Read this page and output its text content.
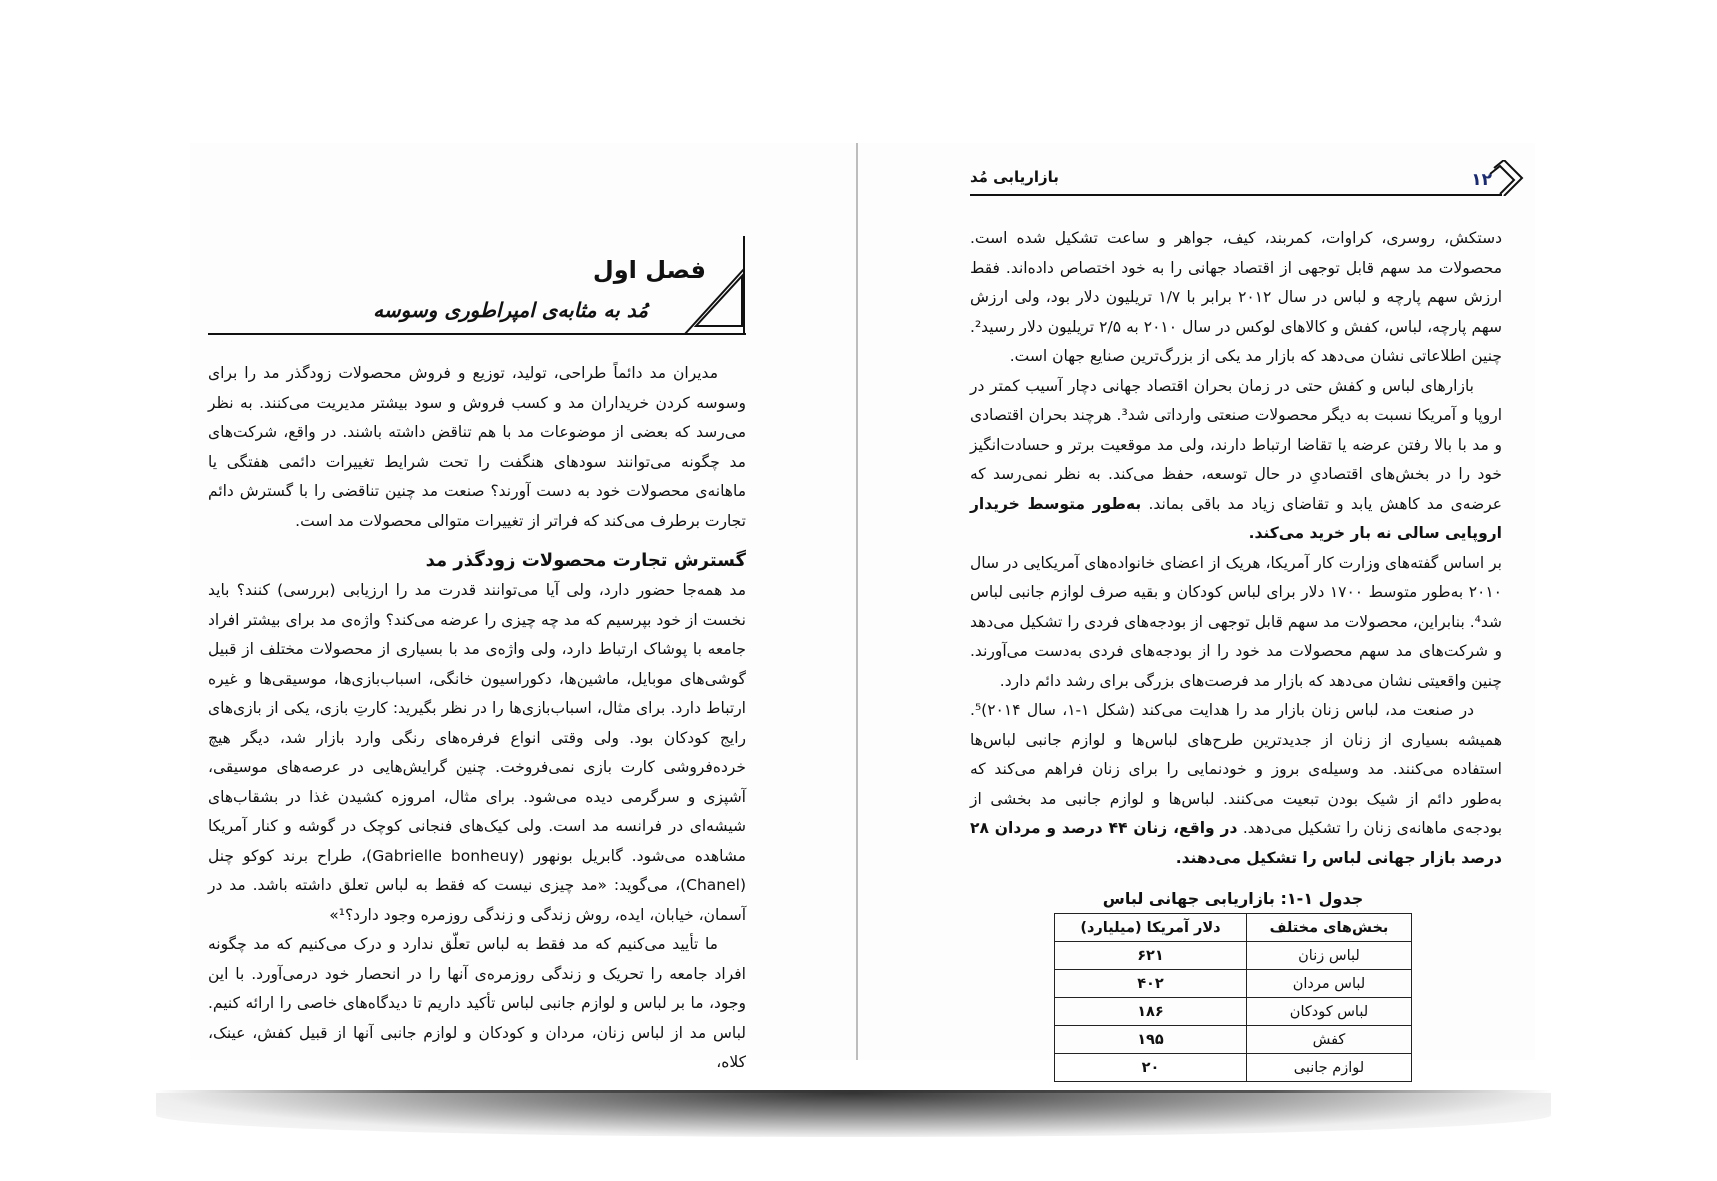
فصل اول
مُد به مثابه‌ی امپراطوری وسوسه

مدیران مد دائماً طراحی، تولید، توزیع و فروش محصولات زودگذر مد را برای وسوسه کردن خریداران مد و کسب فروش و سود بیشتر مدیریت می‌کنند. به نظر می‌رسد که بعضی از موضوعات مد با هم تناقض داشته باشند. در واقع، شرکت‌های مد چگونه می‌توانند سودهای هنگفت را تحت شرایط تغییرات دائمی هفتگی یا ماهانه‌ی محصولات خود به دست آورند؟ صنعت مد چنین تناقضی را با گسترش دائم تجارت برطرف می‌کند که فراتر از تغییرات متوالی محصولات مد است.

گسترش تجارت محصولات زودگذر مد

مد همه‌جا حضور دارد، ولی آیا می‌توانند قدرت مد را ارزیابی (بررسی) کنند؟ باید نخست از خود بپرسیم که مد چه چیزی را عرضه می‌کند؟ واژه‌ی مد برای بیشتر افراد جامعه با پوشاک ارتباط دارد، ولی واژه‌ی مد با بسیاری از محصولات مختلف از قبیل گوشی‌های موبایل، ماشین‌ها، دکوراسیون خانگی، اسباب‌بازی‌ها، موسیقی‌ها و غیره ارتباط دارد. برای مثال، اسباب‌بازی‌ها را در نظر بگیرید: کارتِ بازی، یکی از بازی‌های رایج کودکان بود. ولی وقتی انواع فرفره‌های رنگی وارد بازار شد، دیگر هیچ خرده‌فروشی کارت بازی نمی‌فروخت. چنین گرایش‌هایی در عرصه‌های موسیقی، آشپزی و سرگرمی دیده می‌شود. برای مثال، امروزه کشیدن غذا در بشقاب‌های شیشه‌ای در فرانسه مد است. ولی کیک‌های فنجانی کوچک در گوشه و کنار آمریکا مشاهده می‌شود. گابریل بونهور (Gabrielle bonheuy)، طراح برند کوکو چنل (Chanel)، می‌گوید: «مد چیزی نیست که فقط به لباس تعلق داشته باشد. مد در آسمان، خیابان، ایده، روش زندگی و زندگی روزمره وجود دارد؟¹»

ما تأیید می‌کنیم که مد فقط به لباس تعلّق ندارد و درک می‌کنیم که مد چگونه افراد جامعه را تحریک و زندگی روزمره‌ی آنها را در انحصار خود درمی‌آورد. با این وجود، ما بر لباس و لوازم جانبی لباس تأکید داریم تا دیدگاه‌های خاصی را ارائه کنیم. لباس مد از لباس زنان، مردان و کودکان و لوازم جانبی آنها از قبیل کفش، عینک، کلاه،

بازاریابی مُد	۱۲

دستکش، روسری، کراوات، کمربند، کیف، جواهر و ساعت تشکیل شده است. محصولات مد سهم قابل توجهی از اقتصاد جهانی را به خود اختصاص داده‌اند. فقط ارزش سهم پارچه و لباس در سال ۲۰۱۲ برابر با ۱/۷ تریلیون دلار بود، ولی ارزش سهم پارچه، لباس، کفش و کالاهای لوکس در سال ۲۰۱۰ به ۲/۵ تریلیون دلار رسید². چنین اطلاعاتی نشان می‌دهد که بازار مد یکی از بزرگ‌ترین صنایع جهان است.

بازارهای لباس و کفش حتی در زمان بحران اقتصاد جهانی دچار آسیب کمتر در اروپا و آمریکا نسبت به دیگر محصولات صنعتی وارداتی شد³. هرچند بحران اقتصادی و مد با بالا رفتن عرضه یا تقاضا ارتباط دارند، ولی مد موقعیت برتر و حسادت‌انگیز خود را در بخش‌های اقتصادیِ در حال توسعه، حفظ می‌کند. به نظر نمی‌رسد که عرضه‌ی مد کاهش یابد و تقاضای زیاد مد باقی بماند. به‌طور متوسط خریدار اروپایی سالی نه بار خرید می‌کند.

بر اساس گفته‌های وزارت کار آمریکا، هریک از اعضای خانواده‌های آمریکایی در سال ۲۰۱۰ به‌طور متوسط ۱۷۰۰ دلار برای لباس کودکان و بقیه صرف لوازم جانبی لباس شد⁴. بنابراین، محصولات مد سهم قابل توجهی از بودجه‌های فردی را تشکیل می‌دهد و شرکت‌های مد سهم محصولات مد خود را از بودجه‌های فردی به‌دست می‌آورند. چنین واقعیتی نشان می‌دهد که بازار مد فرصت‌های بزرگی برای رشد دائم دارد.

در صنعت مد، لباس زنان بازار مد را هدایت می‌کند (شکل ۱-۱، سال ۲۰۱۴)⁵. همیشه بسیاری از زنان از جدیدترین طرح‌های لباس‌ها و لوازم جانبی لباس‌ها استفاده می‌کنند. مد وسیله‌ی بروز و خودنمایی را برای زنان فراهم می‌کند که به‌طور دائم از شیک بودن تبعیت می‌کنند. لباس‌ها و لوازم جانبی مد بخشی از بودجه‌ی ماهانه‌ی زنان را تشکیل می‌دهد. در واقع، زنان ۴۴ درصد و مردان ۲۸ درصد بازار جهانی لباس را تشکیل می‌دهند.

جدول ۱-۱: بازاریابی جهانی لباس
بخش‌های مختلف	دلار آمریکا (میلیارد)
لباس زنان	۶۲۱
لباس مردان	۴۰۲
لباس کودکان	۱۸۶
کفش	۱۹۵
لوازم جانبی	۲۰
